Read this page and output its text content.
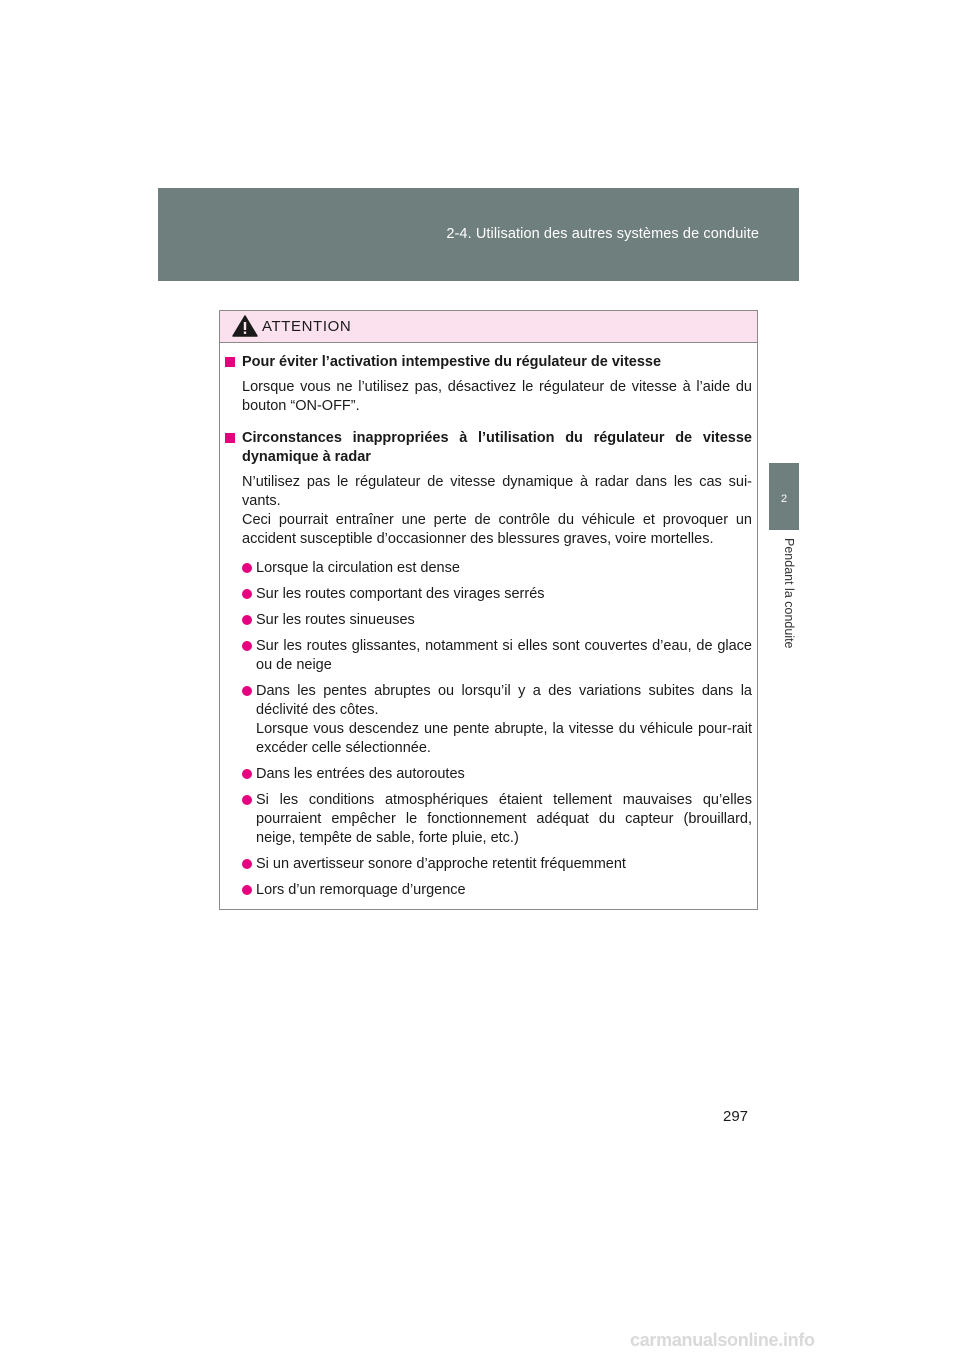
2-4. Utilisation des autres systèmes de conduite
2
Pendant la conduite
ATTENTION

Pour éviter l’activation intempestive du régulateur de vitesse

Lorsque vous ne l’utilisez pas, désactivez le régulateur de vitesse à l’aide du bouton “ON-OFF”.

Circonstances inappropriées à l’utilisation du régulateur de vitesse dynamique à radar

N’utilisez pas le régulateur de vitesse dynamique à radar dans les cas sui-vants.
Ceci pourrait entraîner une perte de contrôle du véhicule et provoquer un accident susceptible d’occasionner des blessures graves, voire mortelles.

Lorsque la circulation est dense
Sur les routes comportant des virages serrés
Sur les routes sinueuses
Sur les routes glissantes, notamment si elles sont couvertes d’eau, de glace ou de neige
Dans les pentes abruptes ou lorsqu’il y a des variations subites dans la déclivité des côtes.
Lorsque vous descendez une pente abrupte, la vitesse du véhicule pour-rait excéder celle sélectionnée.
Dans les entrées des autoroutes
Si les conditions atmosphériques étaient tellement mauvaises qu’elles pourraient empêcher le fonctionnement adéquat du capteur (brouillard, neige, tempête de sable, forte pluie, etc.)
Si un avertisseur sonore d’approche retentit fréquemment
Lors d’un remorquage d’urgence
297
carmanualsonline.info
